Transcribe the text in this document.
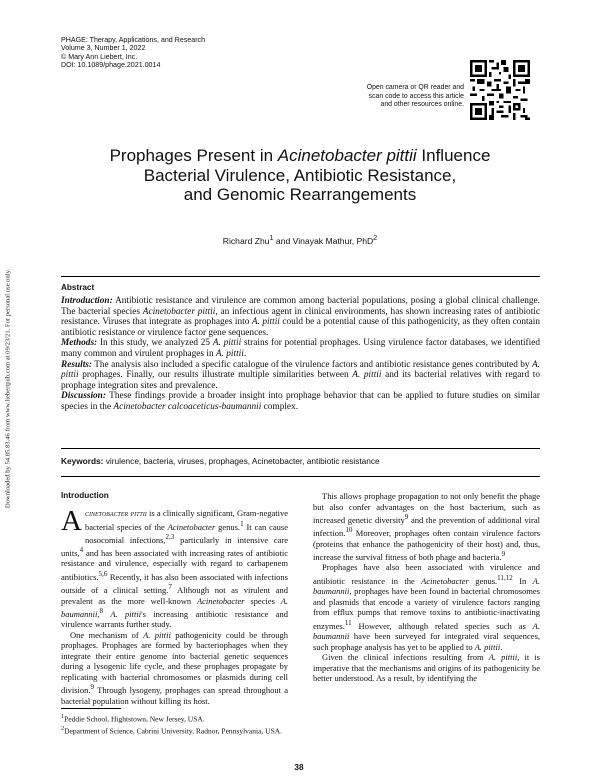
PHAGE: Therapy, Applications, and Research
Volume 3, Number 1, 2022
© Mary Ann Liebert, Inc.
DOI: 10.1089/phage.2021.0014
Open camera or QR reader and
scan code to access this article
and other resources online.
Prophages Present in Acinetobacter pittii Influence
Bacterial Virulence, Antibiotic Resistance,
and Genomic Rearrangements
Richard Zhu$^1$ and Vinayak Mathur, PhD$^2$
Downloaded by 54.85.83.46 from www.liebertpub.com at 09/23/21. For personal use only.	Abstract

Introduction: Antibiotic resistance and virulence are common among bacterial populations, posing a global clinical challenge. The bacterial species Acinetobacter pittii, an infectious agent in clinical environments, has shown increasing rates of antibiotic resistance. Viruses that integrate as prophages into A. pittii could be a potential cause of this pathogenicity, as they often contain antibiotic resistance or virulence factor gene sequences.

Methods: In this study, we analyzed 25 A. pittii strains for potential prophages. Using virulence factor databases, we identified many common and virulent prophages in A. pittii.

Results: The analysis also included a specific catalogue of the virulence factors and antibiotic resistance genes contributed by A. pittii prophages. Finally, our results illustrate multiple similarities between A. pittii and its bacterial relatives with regard to prophage integration sites and prevalence.

Discussion: These findings provide a broader insight into prophage behavior that can be applied to future studies on similar species in the Acinetobacter calcoaceticus-baumannii complex.

Keywords: virulence, bacteria, viruses, prophages, Acinetobacter, antibiotic resistance
Introduction

Acinetobacter pittii is a clinically significant, Gram-negative bacterial species of the Acinetobacter genus.$^1$ It can cause nosocomial infections,$^{2,3}$ particularly in intensive care units,$^4$ and has been associated with increasing rates of antibiotic resistance and virulence, especially with regard to carbapenem antibiotics.$^{5,6}$ Recently, it has also been associated with infections outside of a clinical setting.$^7$ Although not as virulent and prevalent as the more well-known Acinetobacter species A. baumannii,$^8$ A. pittii's increasing antibiotic resistance and virulence warrants further study.

One mechanism of A. pittii pathogenicity could be through prophages. Prophages are formed by bacteriophages when they integrate their entire genome into bacterial genetic sequences during a lysogenic life cycle, and these prophages propagate by replicating with bacterial chromosomes or plasmids during cell division.$^9$ Through lysogeny, prophages can spread throughout a bacterial population without killing its host.

This allows prophage propagation to not only benefit the phage but also confer advantages on the host bacterium, such as increased genetic diversity$^9$ and the prevention of additional viral infection.$^{10}$ Moreover, prophages often contain virulence factors (proteins that enhance the pathogenicity of their host) and, thus, increase the survival fitness of both phage and bacteria.$^9$

Prophages have also been associated with virulence and antibiotic resistance in the Acinetobacter genus.$^{11,12}$ In A. baumannii, prophages have been found in bacterial chromosomes and plasmids that encode a variety of virulence factors ranging from efflux pumps that remove toxins to antibiotic-inactivating enzymes.$^{11}$ However, although related species such as A. baumannii have been surveyed for integrated viral sequences, such prophage analysis has yet to be applied to A. pittii.

Given the clinical infections resulting from A. pittii, it is imperative that the mechanisms and origins of its pathogenicity be better understood. As a result, by identifying the

$^1$Peddie School, Hightstown, New Jersey, USA.
$^2$Department of Science, Cabrini University, Radnor, Pennsylvania, USA.
38
